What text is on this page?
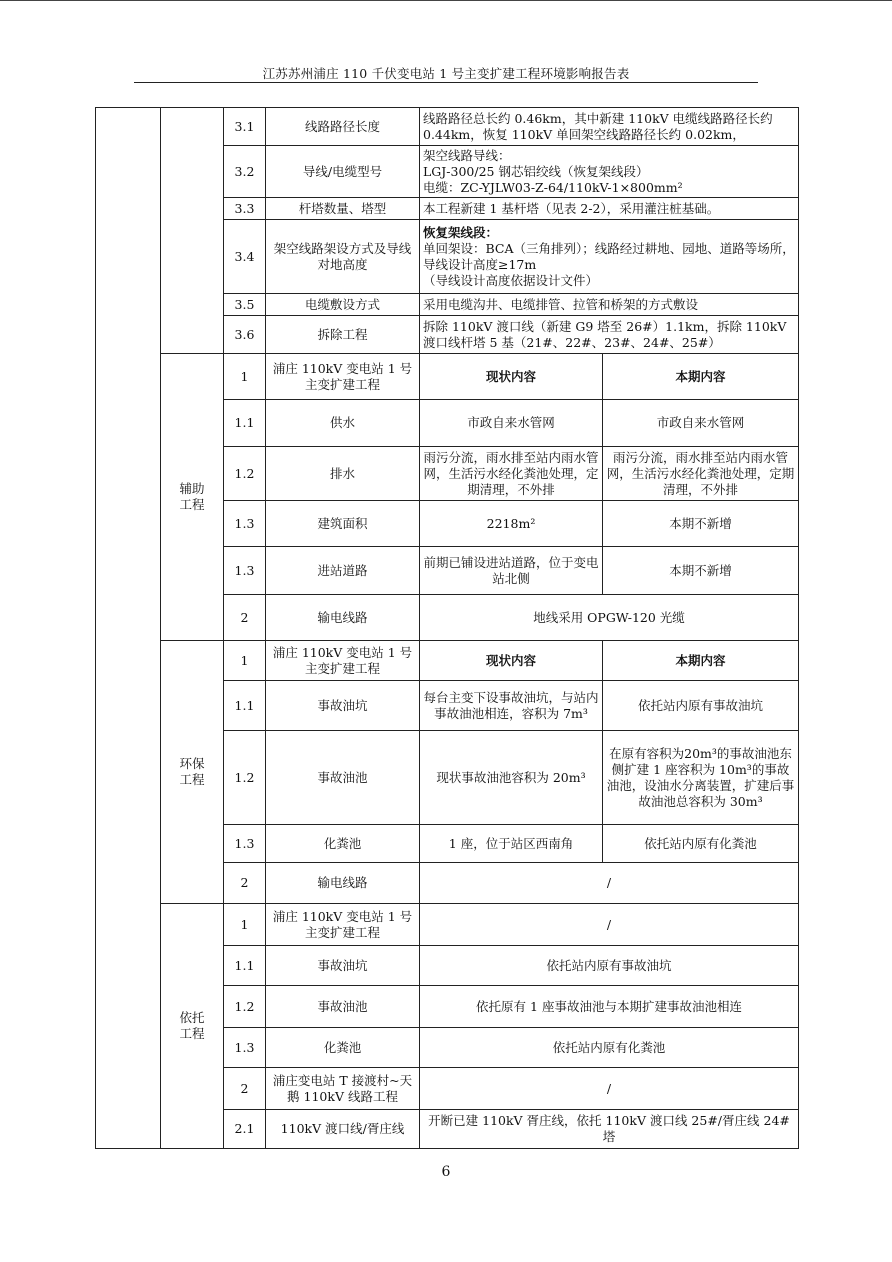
江苏苏州浦庄 110 千伏变电站 1 号主变扩建工程环境影响报告表
		3.1	线路路径长度	线路路径总长约 0.46km，其中新建 110kV 电缆线路路径长约 0.44km，恢复 110kV 单回架空线路路径长约 0.02km，	

		3.2	导线/电缆型号	架空线路导线：
LGJ-300/25 钢芯铝绞线（恢复架线段）
电缆：ZC-YJLW03-Z-64/110kV-1×800mm²	

		3.3	杆塔数量、塔型	本工程新建 1 基杆塔（见表 2-2），采用灌注桩基础。	

		3.4	架空线路架设方式及导线对地高度	恢复架线段：
单回架设：BCA（三角排列）；线路经过耕地、园地、道路等场所，导线设计高度≥17m
（导线设计高度依据设计文件）	

		3.5	电缆敷设方式	采用电缆沟井、电缆排管、拉管和桥架的方式敷设	

		3.6	拆除工程	拆除 110kV 渡口线（新建 G9 塔至 26#）1.1km，拆除 110kV 渡口线杆塔 5 基（21#、22#、23#、24#、25#）	

	辅助工程	1	浦庄 110kV 变电站 1 号主变扩建工程	现状内容	本期内容
		1.1	供水	市政自来水管网	市政自来水管网
		1.2	排水	雨污分流，雨水排至站内雨水管网，生活污水经化粪池处理，定期清理，不外排	雨污分流，雨水排至站内雨水管网，生活污水经化粪池处理，定期清理，不外排
		1.3	建筑面积	2218m²	本期不新增
		1.3	进站道路	前期已铺设进站道路，位于变电站北侧	本期不新增
		2	输电线路	地线采用 OPGW-120 光缆	
	环保工程	1	浦庄 110kV 变电站 1 号主变扩建工程	现状内容	本期内容
		1.1	事故油坑	每台主变下设事故油坑，与站内事故油池相连，容积为 7m³	依托站内原有事故油坑
		1.2	事故油池	现状事故油池容积为 20m³	在原有容积为20m³的事故油池东侧扩建 1 座容积为 10m³的事故油池，设油水分离装置，扩建后事故油池总容积为 30m³
		1.3	化粪池	1 座，位于站区西南角	依托站内原有化粪池
		2	输电线路	/	
	依托工程	1	浦庄 110kV 变电站 1 号主变扩建工程	/	
		1.1	事故油坑	依托站内原有事故油坑	
		1.2	事故油池	依托原有 1 座事故油池与本期扩建事故油池相连	
		1.3	化粪池	依托站内原有化粪池	
		2	浦庄变电站 T 接渡村~天鹅 110kV 线路工程	/	
		2.1	110kV 渡口线/胥庄线	开断已建 110kV 胥庄线，依托 110kV 渡口线 25#/胥庄线 24#塔	
6
